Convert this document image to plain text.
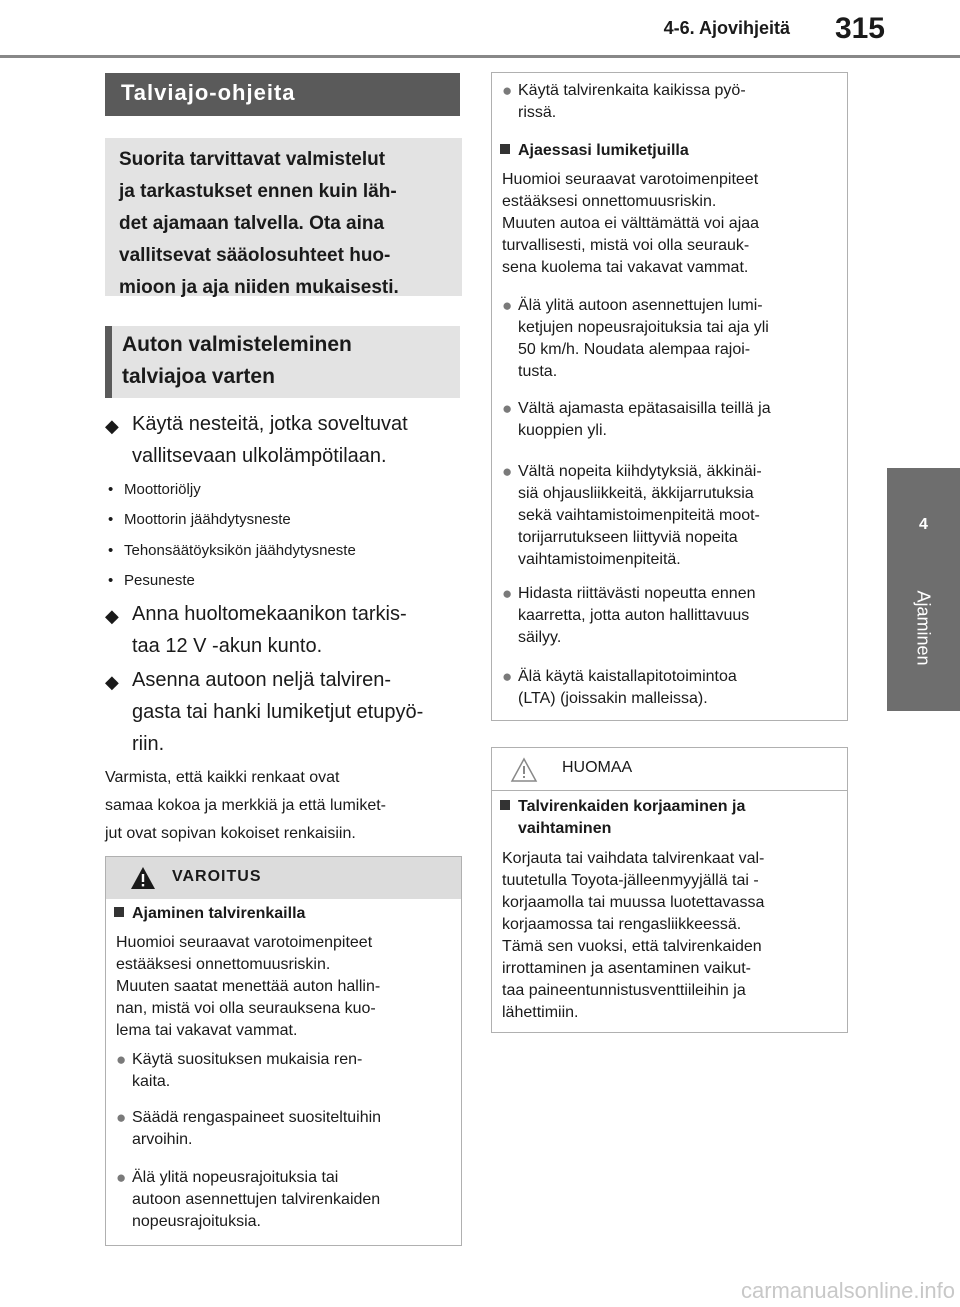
4-6. Ajovihjeitä	315
4
Ajaminen
Talviajo-ohjeita
Suorita tarvittavat valmistelut
ja tarkastukset ennen kuin läh-
det ajamaan talvella. Ota aina
vallitsevat sääolosuhteet huo-
mioon ja aja niiden mukaisesti.
Auton valmisteleminen
talviajoa varten
◆ Käytä nesteitä, jotka soveltuvat
vallitsevaan ulkolämpötilaan.
• Moottoriöljy
• Moottorin jäähdytysneste
• Tehonsäätöyksikön jäähdytysneste
• Pesuneste
◆ Anna huoltomekaanikon tarkis-
taa 12 V -akun kunto.
◆ Asenna autoon neljä talviren-
gasta tai hanki lumiketjut etupyö-
riin.
Varmista, että kaikki renkaat ovat
samaa kokoa ja merkkiä ja että lumiket-
jut ovat sopivan kokoiset renkaisiin.
VAROITUS
Ajaminen talvirenkailla
Huomioi seuraavat varotoimenpiteet
estääksesi onnettomuusriskin.
Muuten saatat menettää auton hallin-
nan, mistä voi olla seurauksena kuo-
lema tai vakavat vammat.
● Käytä suosituksen mukaisia ren-
kaita.
● Säädä rengaspaineet suositeltuihin
arvoihin.
● Älä ylitä nopeusrajoituksia tai
autoon asennettujen talvirenkaiden
nopeusrajoituksia.
● Käytä talvirenkaita kaikissa pyö-
rissä.
Ajaessasi lumiketjuilla
Huomioi seuraavat varotoimenpiteet
estääksesi onnettomuusriskin.
Muuten autoa ei välttämättä voi ajaa
turvallisesti, mistä voi olla seurauk-
sena kuolema tai vakavat vammat.
● Älä ylitä autoon asennettujen lumi-
ketjujen nopeusrajoituksia tai aja yli
50 km/h. Noudata alempaa rajoi-
tusta.
● Vältä ajamasta epätasaisilla teillä ja
kuoppien yli.
● Vältä nopeita kiihdytyksiä, äkkinäi-
siä ohjausliikkeitä, äkkijarrutuksia
sekä vaihtamistoimenpiteitä moot-
torijarrutukseen liittyviä nopeita
vaihtamistoimenpiteitä.
● Hidasta riittävästi nopeutta ennen
kaarretta, jotta auton hallittavuus
säilyy.
● Älä käytä kaistallapitotoimintoa
(LTA) (joissakin malleissa).
HUOMAA
Talvirenkaiden korjaaminen ja
vaihtaminen
Korjauta tai vaihdata talvirenkaat val-
tuutetulla Toyota-jälleenmyyjällä tai -
korjaamolla tai muussa luotettavassa
korjaamossa tai rengasliikkeessä.
Tämä sen vuoksi, että talvirenkaiden
irrottaminen ja asentaminen vaikut-
taa paineentunnistusventtiileihin ja
lähettimiin.
carmanualsonline.info
